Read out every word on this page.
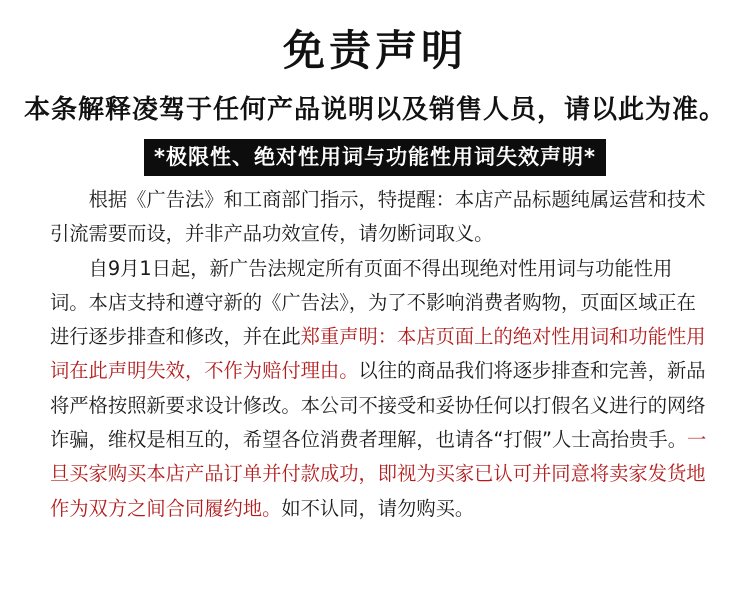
免责声明
本条解释凌驾于任何产品说明以及销售人员，请以此为准。
*极限性、绝对性用词与功能性用词失效声明*

根据《广告法》和工商部门指示，特提醒：本店产品标题纯属运营和技术引流需要而设，并非产品功效宣传，请勿断词取义。

自9月1日起，新广告法规定所有页面不得出现绝对性用词与功能性用词。本店支持和遵守新的《广告法》，为了不影响消费者购物，页面区域正在进行逐步排查和修改，并在此郑重声明：本店页面上的绝对性用词和功能性用词在此声明失效，不作为赔付理由。以往的商品我们将逐步排查和完善，新品将严格按照新要求设计修改。本公司不接受和妥协任何以打假名义进行的网络诈骗，维权是相互的，希望各位消费者理解，也请各“打假”人士高抬贵手。一旦买家购买本店产品订单并付款成功，即视为买家已认可并同意将卖家发货地作为双方之间合同履约地。如不认同，请勿购买。
